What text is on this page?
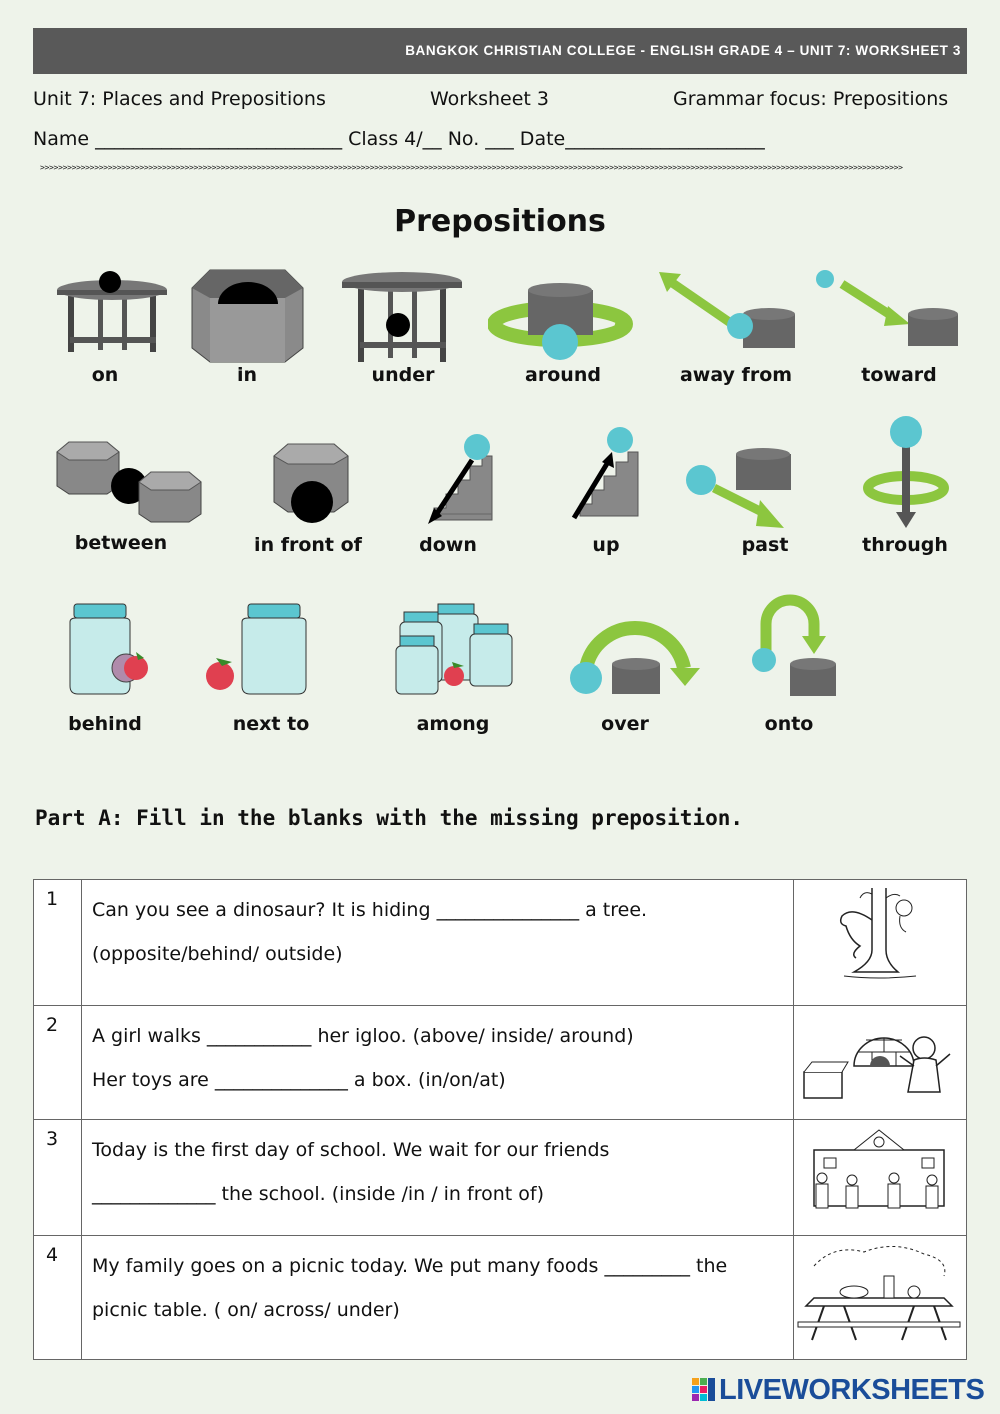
BANGKOK CHRISTIAN COLLEGE - ENGLISH GRADE 4 – UNIT 7: WORKSHEET 3
Unit 7: Places and Prepositions	Worksheet 3	Grammar focus: Prepositions
Name __________________________ Class 4/__ No. ___ Date_____________________
>>>>>>>>>>>>>>>>>>>>>>>>>>>>>>>>>>>>>>>>>>>>>>>>>>>>>>>>>>>>>>>>>>>>>>>>>>>>>>>>>>>>>>>>>>>>>>>>>>>>>>>>>>>>>>>>>>>>>>>>>>>>>>>>>>>>>>>>>>>>>>>>>>>>>>>>>>>>>>>>>>>>>>>>>>>>>>>>>>>>>>>>>>>>>>>
Prepositions
on	in	under	around	away from	toward
between	in front of	down	up	past	through
behind	next to	among	over	onto
Part A: Fill in the blanks with the missing preposition.
1	Can you see a dinosaur? It is hiding _______________ a tree.
(opposite/behind/ outside)

2	A girl walks ___________ her igloo. (above/ inside/ around)
Her toys are ______________ a box. (in/on/at)

3	Today is the first day of school. We wait for our friends
_____________ the school. (inside /in / in front of)

4	My family goes on a picnic today. We put many foods _________ the
picnic table. ( on/ across/ under)

LIVEWORKSHEETS
